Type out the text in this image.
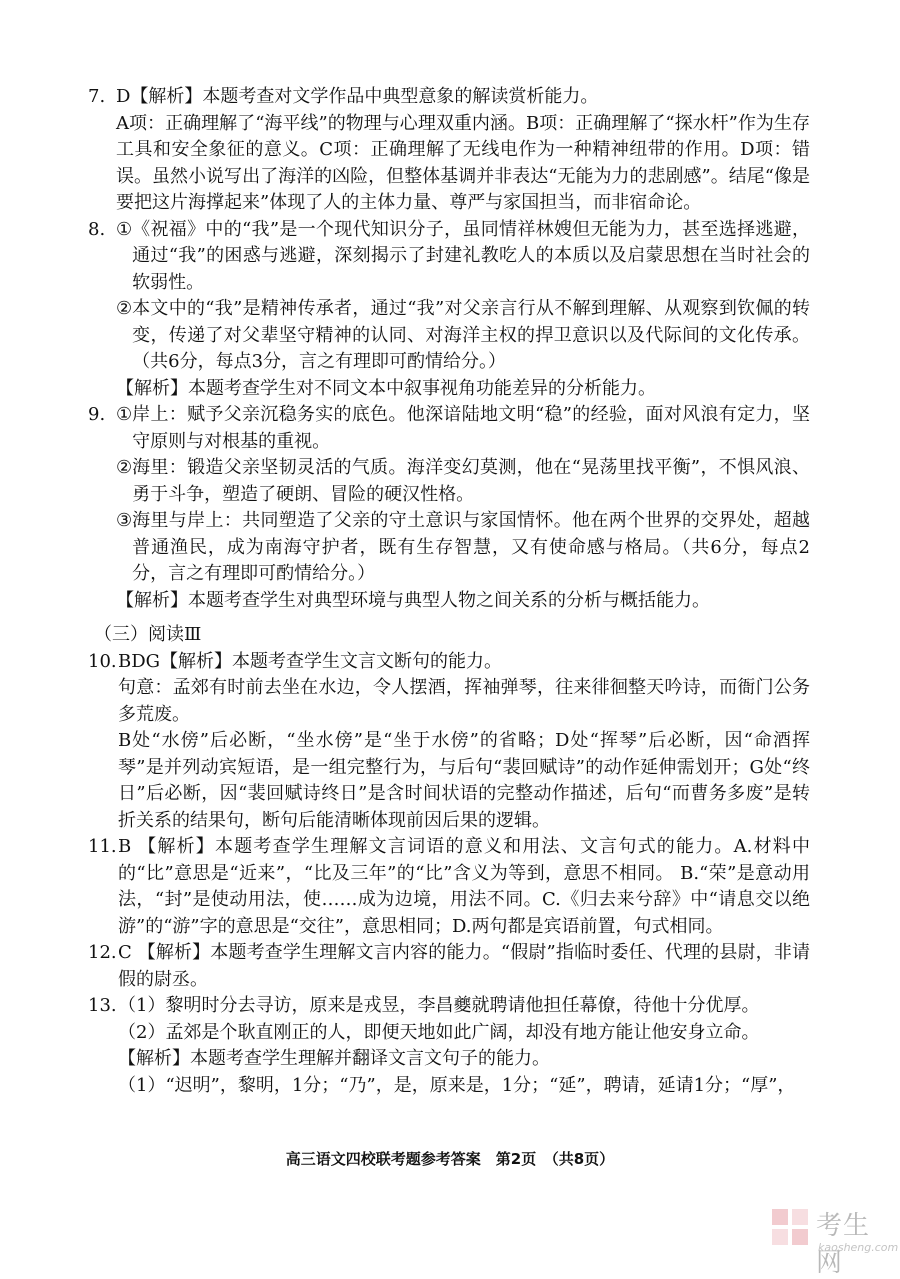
7. D【解析】本题考查对文学作品中典型意象的解读赏析能力。

A项：正确理解了“海平线”的物理与心理双重内涵。B项：正确理解了“探水杆”作为生存工具和安全象征的意义。C项：正确理解了无线电作为一种精神纽带的作用。D项：错误。虽然小说写出了海洋的凶险，但整体基调并非表达“无能为力的悲剧感”。结尾“像是要把这片海撑起来”体现了人的主体力量、尊严与家国担当，而非宿命论。

8. ① 《祝福》中的“我”是一个现代知识分子，虽同情祥林嫂但无能为力，甚至选择逃避，通过“我”的困惑与逃避，深刻揭示了封建礼教吃人的本质以及启蒙思想在当时社会的软弱性。
② 本文中的“我”是精神传承者，通过“我”对父亲言行从不解到理解、从观察到钦佩的转变，传递了对父辈坚守精神的认同、对海洋主权的捍卫意识以及代际间的文化传承。（共6分，每点3分，言之有理即可酌情给分。）

【解析】本题考查学生对不同文本中叙事视角功能差异的分析能力。

9. ① 岸上：赋予父亲沉稳务实的底色。他深谙陆地文明“稳”的经验，面对风浪有定力，坚守原则与对根基的重视。
② 海里：锻造父亲坚韧灵活的气质。海洋变幻莫测，他在“晃荡里找平衡”，不惧风浪、勇于斗争，塑造了硬朗、冒险的硬汉性格。
③ 海里与岸上：共同塑造了父亲的守土意识与家国情怀。他在两个世界的交界处，超越普通渔民，成为南海守护者，既有生存智慧，又有使命感与格局。（共6分，每点2分，言之有理即可酌情给分。）

【解析】本题考查学生对典型环境与典型人物之间关系的分析与概括能力。

（三）阅读Ⅲ
10. BDG【解析】本题考查学生文言文断句的能力。

句意：孟郊有时前去坐在水边，令人摆酒，挥袖弹琴，往来徘徊整天吟诗，而衙门公务多荒废。

B处“水傍”后必断，“坐水傍”是“坐于水傍”的省略；D处“挥琴”后必断，因“命酒挥琴”是并列动宾短语，是一组完整行为，与后句“裴回赋诗”的动作延伸需划开；G处“终日”后必断，因“裴回赋诗终日”是含时间状语的完整动作描述，后句“而曹务多废”是转折关系的结果句，断句后能清晰体现前因后果的逻辑。

11. B 【解析】本题考查学生理解文言词语的意义和用法、文言句式的能力。A.材料中的“比”意思是“近来”，“比及三年”的“比”含义为等到，意思不相同。 B.“荣”是意动用法，“封”是使动用法，使……成为边境，用法不同。C.《归去来兮辞》中“请息交以绝游”的“游”字的意思是“交往”，意思相同；D.两句都是宾语前置，句式相同。

12. C 【解析】本题考查学生理解文言内容的能力。“假尉”指临时委任、代理的县尉，非请假的尉丞。

13. （1）黎明时分去寻访，原来是戎昱，李昌夔就聘请他担任幕僚，待他十分优厚。

（2）孟郊是个耿直刚正的人，即便天地如此广阔，却没有地方能让他安身立命。

【解析】本题考查学生理解并翻译文言文句子的能力。

（1）“迟明”，黎明，1分；“乃”，是，原来是，1分；“延”，聘请，延请1分；“厚”，

高三语文四校联考题参考答案　第2页　（共8页）
考生网
kaosheng.com
